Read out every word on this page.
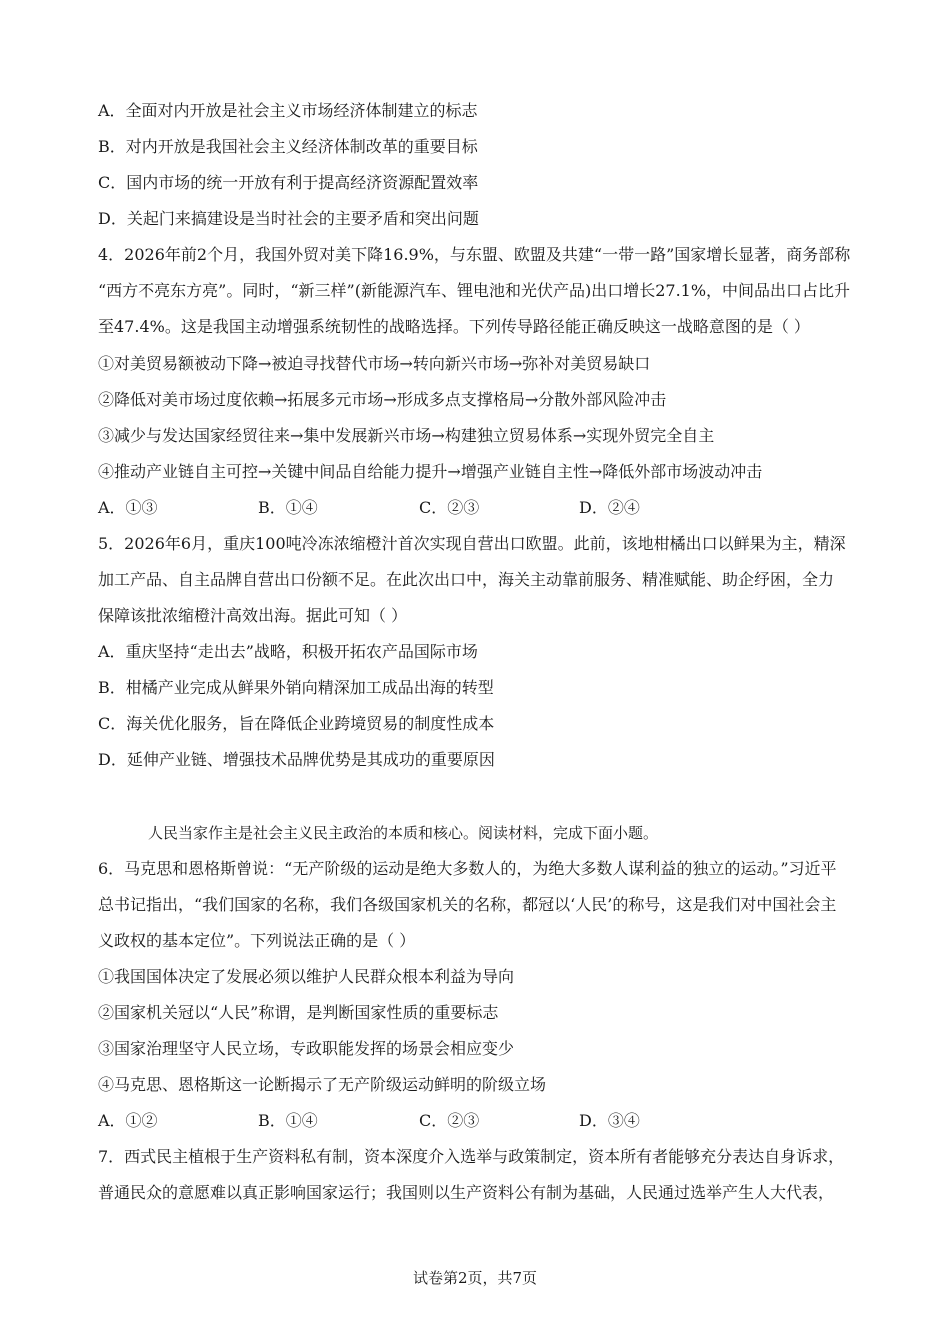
A．全面对内开放是社会主义市场经济体制建立的标志
B．对内开放是我国社会主义经济体制改革的重要目标
C．国内市场的统一开放有利于提高经济资源配置效率
D．关起门来搞建设是当时社会的主要矛盾和突出问题
4．2026年前2个月，我国外贸对美下降16.9%，与东盟、欧盟及共建“一带一路”国家增长显著，商务部称
“西方不亮东方亮”。同时，“新三样”(新能源汽车、锂电池和光伏产品)出口增长27.1%，中间品出口占比升
至47.4%。这是我国主动增强系统韧性的战略选择。下列传导路径能正确反映这一战略意图的是（ ）
①对美贸易额被动下降→被迫寻找替代市场→转向新兴市场→弥补对美贸易缺口
②降低对美市场过度依赖→拓展多元市场→形成多点支撑格局→分散外部风险冲击
③减少与发达国家经贸往来→集中发展新兴市场→构建独立贸易体系→实现外贸完全自主
④推动产业链自主可控→关键中间品自给能力提升→增强产业链自主性→降低外部市场波动冲击
A．①③	B．①④	C．②③	D．②④
5．2026年6月，重庆100吨冷冻浓缩橙汁首次实现自营出口欧盟。此前，该地柑橘出口以鲜果为主，精深
加工产品、自主品牌自营出口份额不足。在此次出口中，海关主动靠前服务、精准赋能、助企纾困，全力
保障该批浓缩橙汁高效出海。据此可知（ ）
A．重庆坚持“走出去”战略，积极开拓农产品国际市场
B．柑橘产业完成从鲜果外销向精深加工成品出海的转型
C．海关优化服务，旨在降低企业跨境贸易的制度性成本
D．延伸产业链、增强技术品牌优势是其成功的重要原因
人民当家作主是社会主义民主政治的本质和核心。阅读材料，完成下面小题。
6．马克思和恩格斯曾说：“无产阶级的运动是绝大多数人的，为绝大多数人谋利益的独立的运动。”习近平
总书记指出，“我们国家的名称，我们各级国家机关的名称，都冠以‘人民’的称号，这是我们对中国社会主
义政权的基本定位”。下列说法正确的是（ ）
①我国国体决定了发展必须以维护人民群众根本利益为导向
②国家机关冠以“人民”称谓，是判断国家性质的重要标志
③国家治理坚守人民立场，专政职能发挥的场景会相应变少
④马克思、恩格斯这一论断揭示了无产阶级运动鲜明的阶级立场
A．①②	B．①④	C．②③	D．③④
7．西式民主植根于生产资料私有制，资本深度介入选举与政策制定，资本所有者能够充分表达自身诉求，
普通民众的意愿难以真正影响国家运行；我国则以生产资料公有制为基础，人民通过选举产生人大代表，
试卷第2页，共7页
